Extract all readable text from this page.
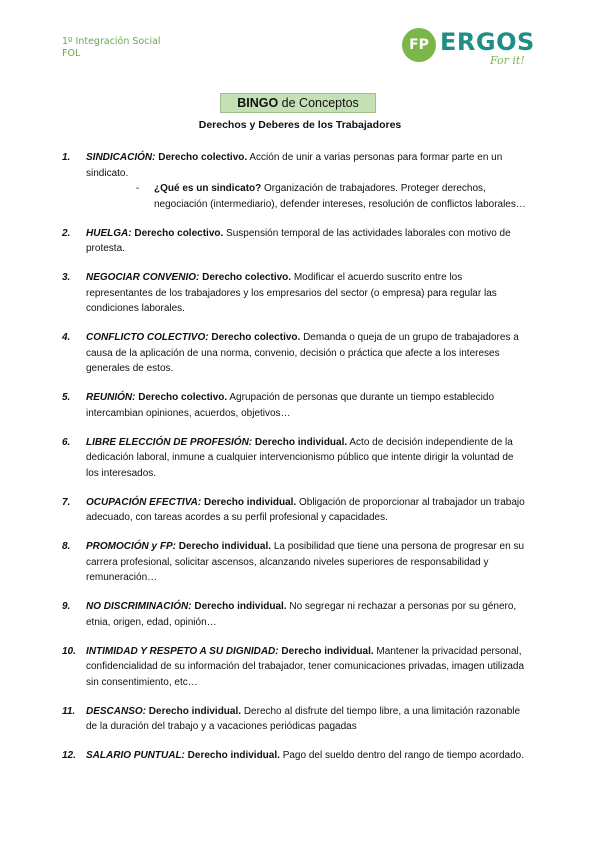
1º Integración Social
FOL
FP ERGOS
For it!
BINGO de Conceptos
Derechos y Deberes de los Trabajadores
1.	SINDICACIÓN: Derecho colectivo. Acción de unir a varias personas para formar parte en un sindicato.
-	¿Qué es un sindicato? Organización de trabajadores. Proteger derechos, negociación (intermediario), defender intereses, resolución de conflictos laborales…
2.	HUELGA: Derecho colectivo. Suspensión temporal de las actividades laborales con motivo de protesta.
3.	NEGOCIAR CONVENIO: Derecho colectivo. Modificar el acuerdo suscrito entre los representantes de los trabajadores y los empresarios del sector (o empresa) para regular las condiciones laborales.
4.	CONFLICTO COLECTIVO: Derecho colectivo. Demanda o queja de un grupo de trabajadores a causa de la aplicación de una norma, convenio, decisión o práctica que afecte a los intereses generales de estos.
5.	REUNIÓN: Derecho colectivo. Agrupación de personas que durante un tiempo establecido intercambian opiniones, acuerdos, objetivos…
6.	LIBRE ELECCIÓN DE PROFESIÓN: Derecho individual. Acto de decisión independiente de la dedicación laboral, inmune a cualquier intervencionismo público que intente dirigir la voluntad de los interesados.
7.	OCUPACIÓN EFECTIVA: Derecho individual. Obligación de proporcionar al trabajador un trabajo adecuado, con tareas acordes a su perfil profesional y capacidades.
8.	PROMOCIÓN y FP: Derecho individual. La posibilidad que tiene una persona de progresar en su carrera profesional, solicitar ascensos, alcanzando niveles superiores de responsabilidad y remuneración…
9.	NO DISCRIMINACIÓN: Derecho individual. No segregar ni rechazar a personas por su género, etnia, origen, edad, opinión…
10.	INTIMIDAD Y RESPETO A SU DIGNIDAD: Derecho individual. Mantener la privacidad personal, confidencialidad de su información del trabajador, tener comunicaciones privadas, imagen utilizada sin consentimiento, etc…
11.	DESCANSO: Derecho individual. Derecho al disfrute del tiempo libre, a una limitación razonable de la duración del trabajo y a vacaciones periódicas pagadas
12.	SALARIO PUNTUAL: Derecho individual. Pago del sueldo dentro del rango de tiempo acordado.
